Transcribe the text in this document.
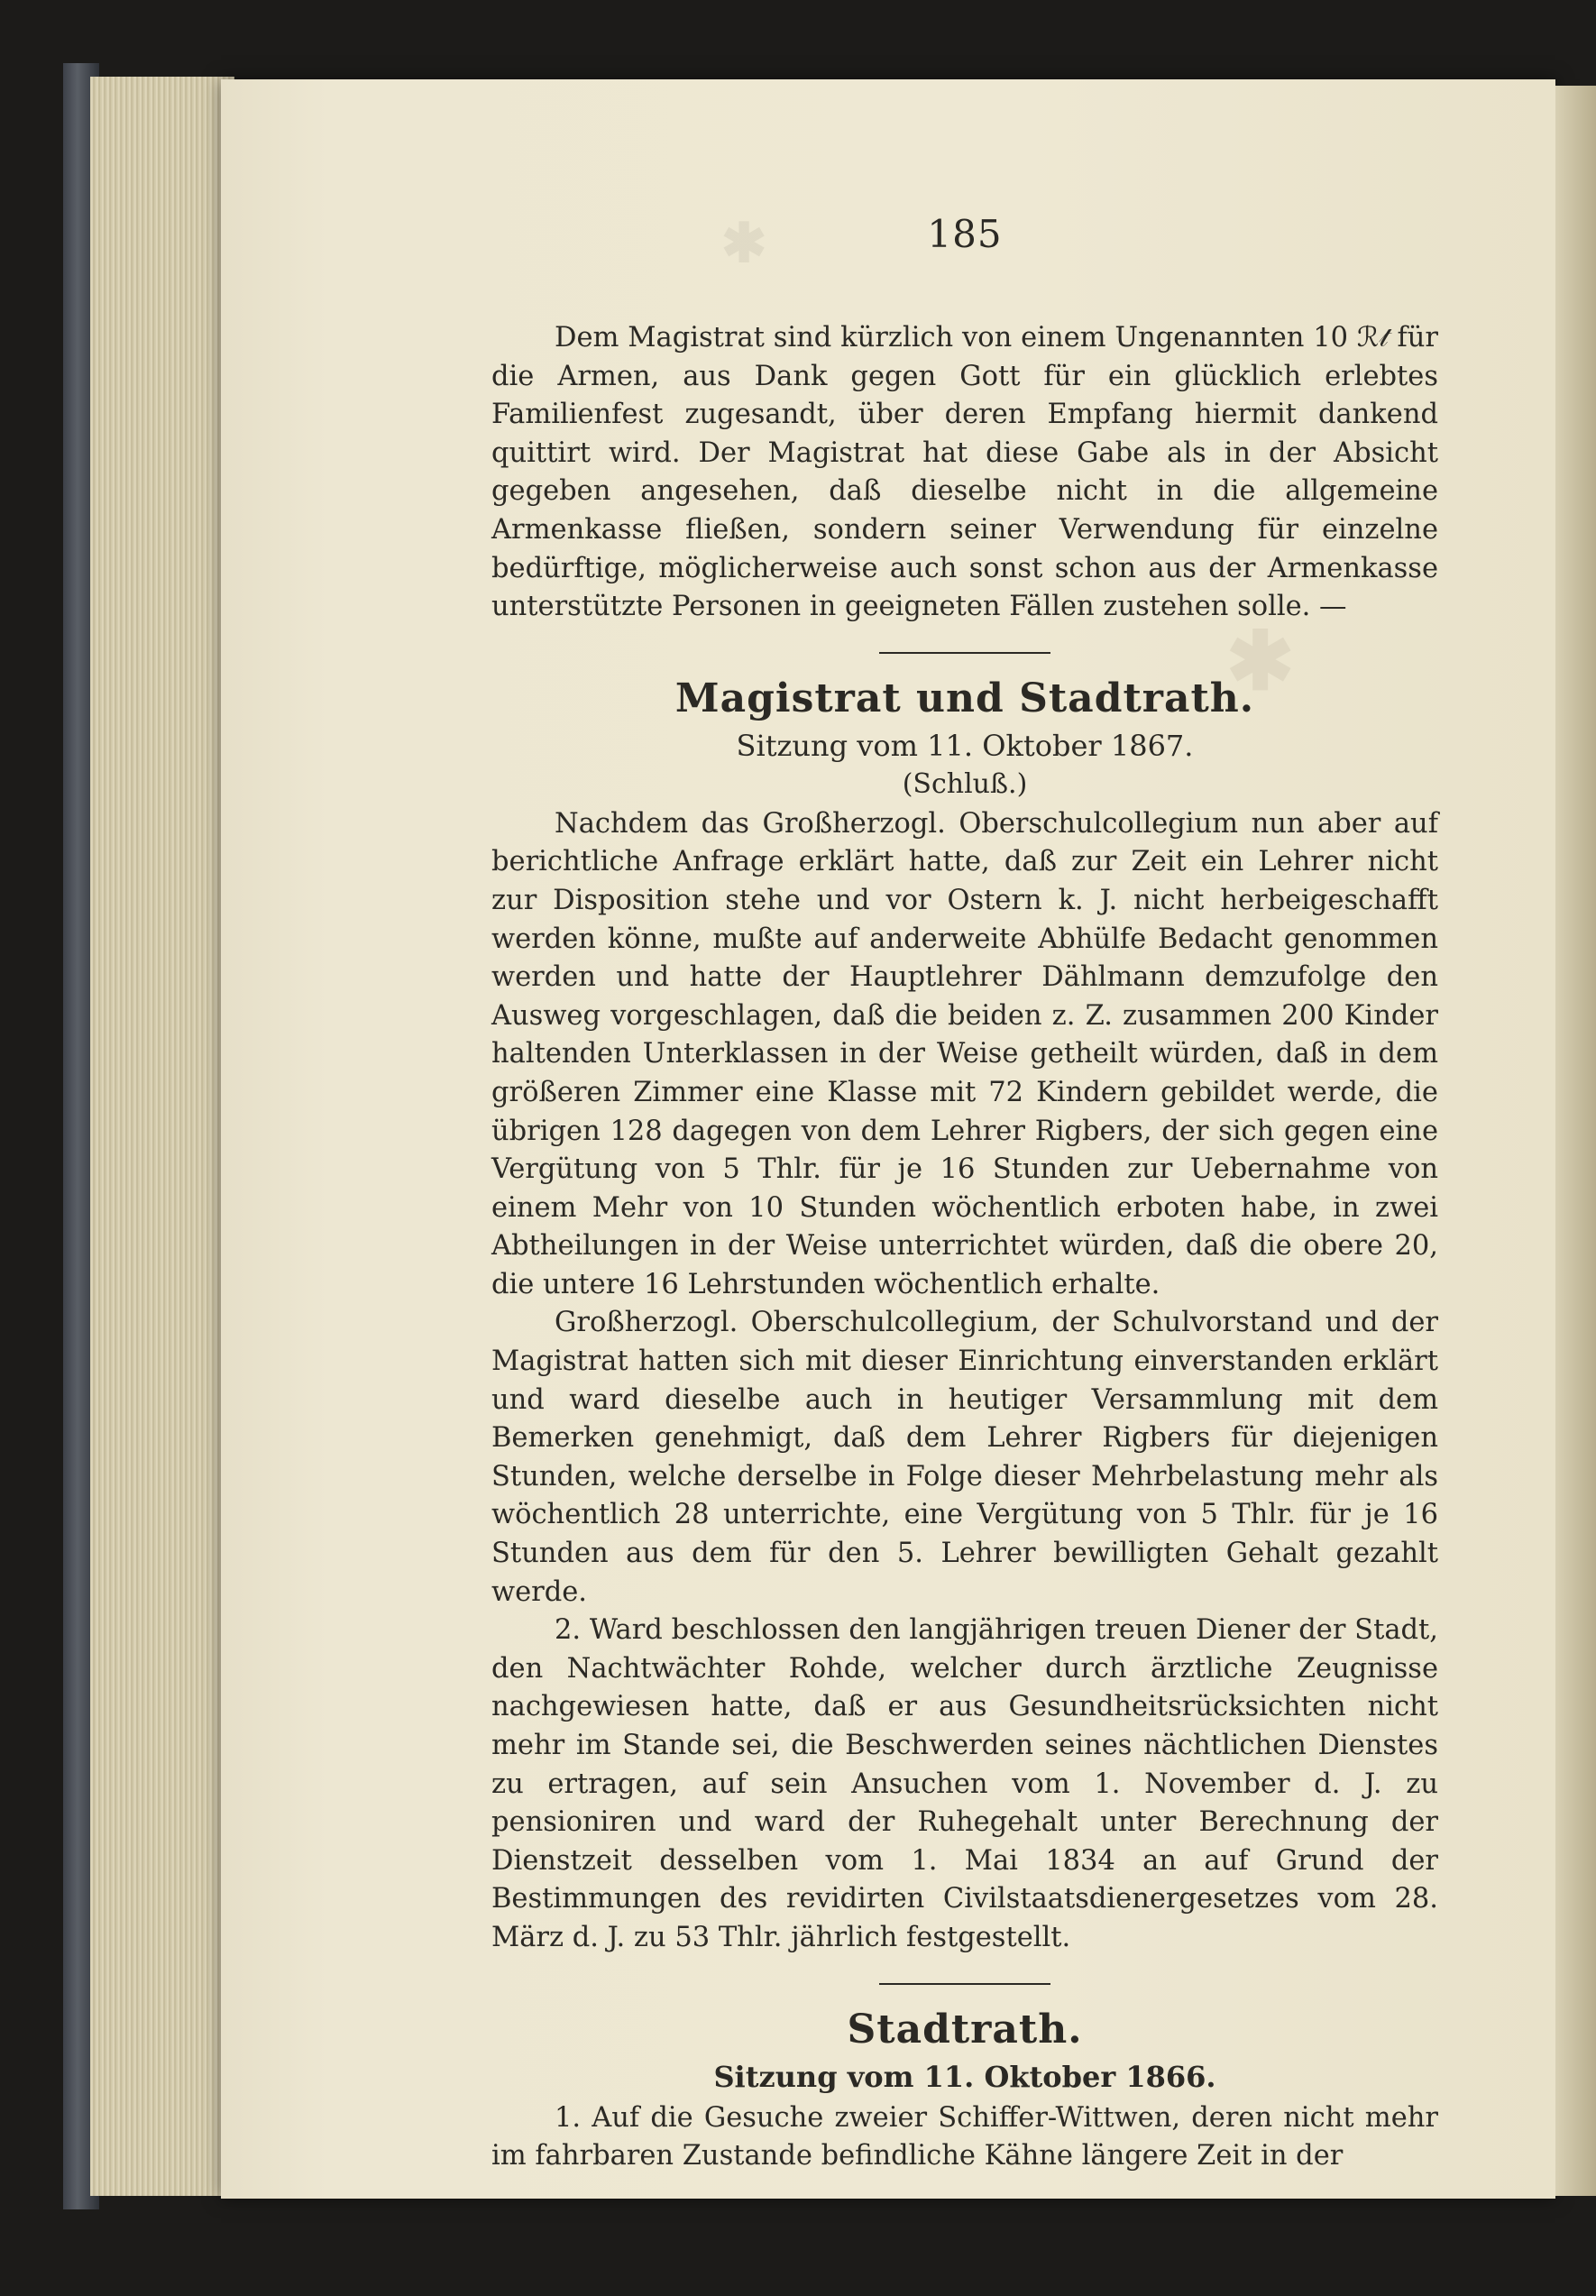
✱
✱
185

Dem Magistrat sind kürzlich von einem Ungenannten 10 ℛ𝓉 für die Armen, aus Dank gegen Gott für ein glücklich erlebtes Familienfest zugesandt, über deren Empfang hiermit dankend quittirt wird. Der Magistrat hat diese Gabe als in der Absicht gegeben angesehen, daß dieselbe nicht in die allgemeine Armenkasse fließen, sondern seiner Verwendung für einzelne bedürftige, möglicherweise auch sonst schon aus der Armenkasse unterstützte Personen in geeigneten Fällen zustehen solle. —

Magistrat und Stadtrath.
Sitzung vom 11. Oktober 1867.
(Schluß.)

Nachdem das Großherzogl. Oberschulcollegium nun aber auf berichtliche Anfrage erklärt hatte, daß zur Zeit ein Lehrer nicht zur Disposition stehe und vor Ostern k. J. nicht herbeigeschafft werden könne, mußte auf anderweite Abhülfe Bedacht genommen werden und hatte der Hauptlehrer Dählmann demzufolge den Ausweg vorgeschlagen, daß die beiden z. Z. zusammen 200 Kinder haltenden Unterklassen in der Weise getheilt würden, daß in dem größeren Zimmer eine Klasse mit 72 Kindern gebildet werde, die übrigen 128 dagegen von dem Lehrer Rigbers, der sich gegen eine Vergütung von 5 Thlr. für je 16 Stunden zur Uebernahme von einem Mehr von 10 Stunden wöchentlich erboten habe, in zwei Abtheilungen in der Weise unterrichtet würden, daß die obere 20, die untere 16 Lehrstunden wöchentlich erhalte.

Großherzogl. Oberschulcollegium, der Schulvorstand und der Magistrat hatten sich mit dieser Einrichtung einverstanden erklärt und ward dieselbe auch in heutiger Versammlung mit dem Bemerken genehmigt, daß dem Lehrer Rigbers für diejenigen Stunden, welche derselbe in Folge dieser Mehrbelastung mehr als wöchentlich 28 unterrichte, eine Vergütung von 5 Thlr. für je 16 Stunden aus dem für den 5. Lehrer bewilligten Gehalt gezahlt werde.

2. Ward beschlossen den langjährigen treuen Diener der Stadt, den Nachtwächter Rohde, welcher durch ärztliche Zeugnisse nachgewiesen hatte, daß er aus Gesundheitsrücksichten nicht mehr im Stande sei, die Beschwerden seines nächtlichen Dienstes zu ertragen, auf sein Ansuchen vom 1. November d. J. zu pensioniren und ward der Ruhegehalt unter Berechnung der Dienstzeit desselben vom 1. Mai 1834 an auf Grund der Bestimmungen des revidirten Civilstaatsdienergesetzes vom 28. März d. J. zu 53 Thlr. jährlich festgestellt.

Stadtrath.
Sitzung vom 11. Oktober 1866.

1. Auf die Gesuche zweier Schiffer-Wittwen, deren nicht mehr im fahrbaren Zustande befindliche Kähne längere Zeit in der
